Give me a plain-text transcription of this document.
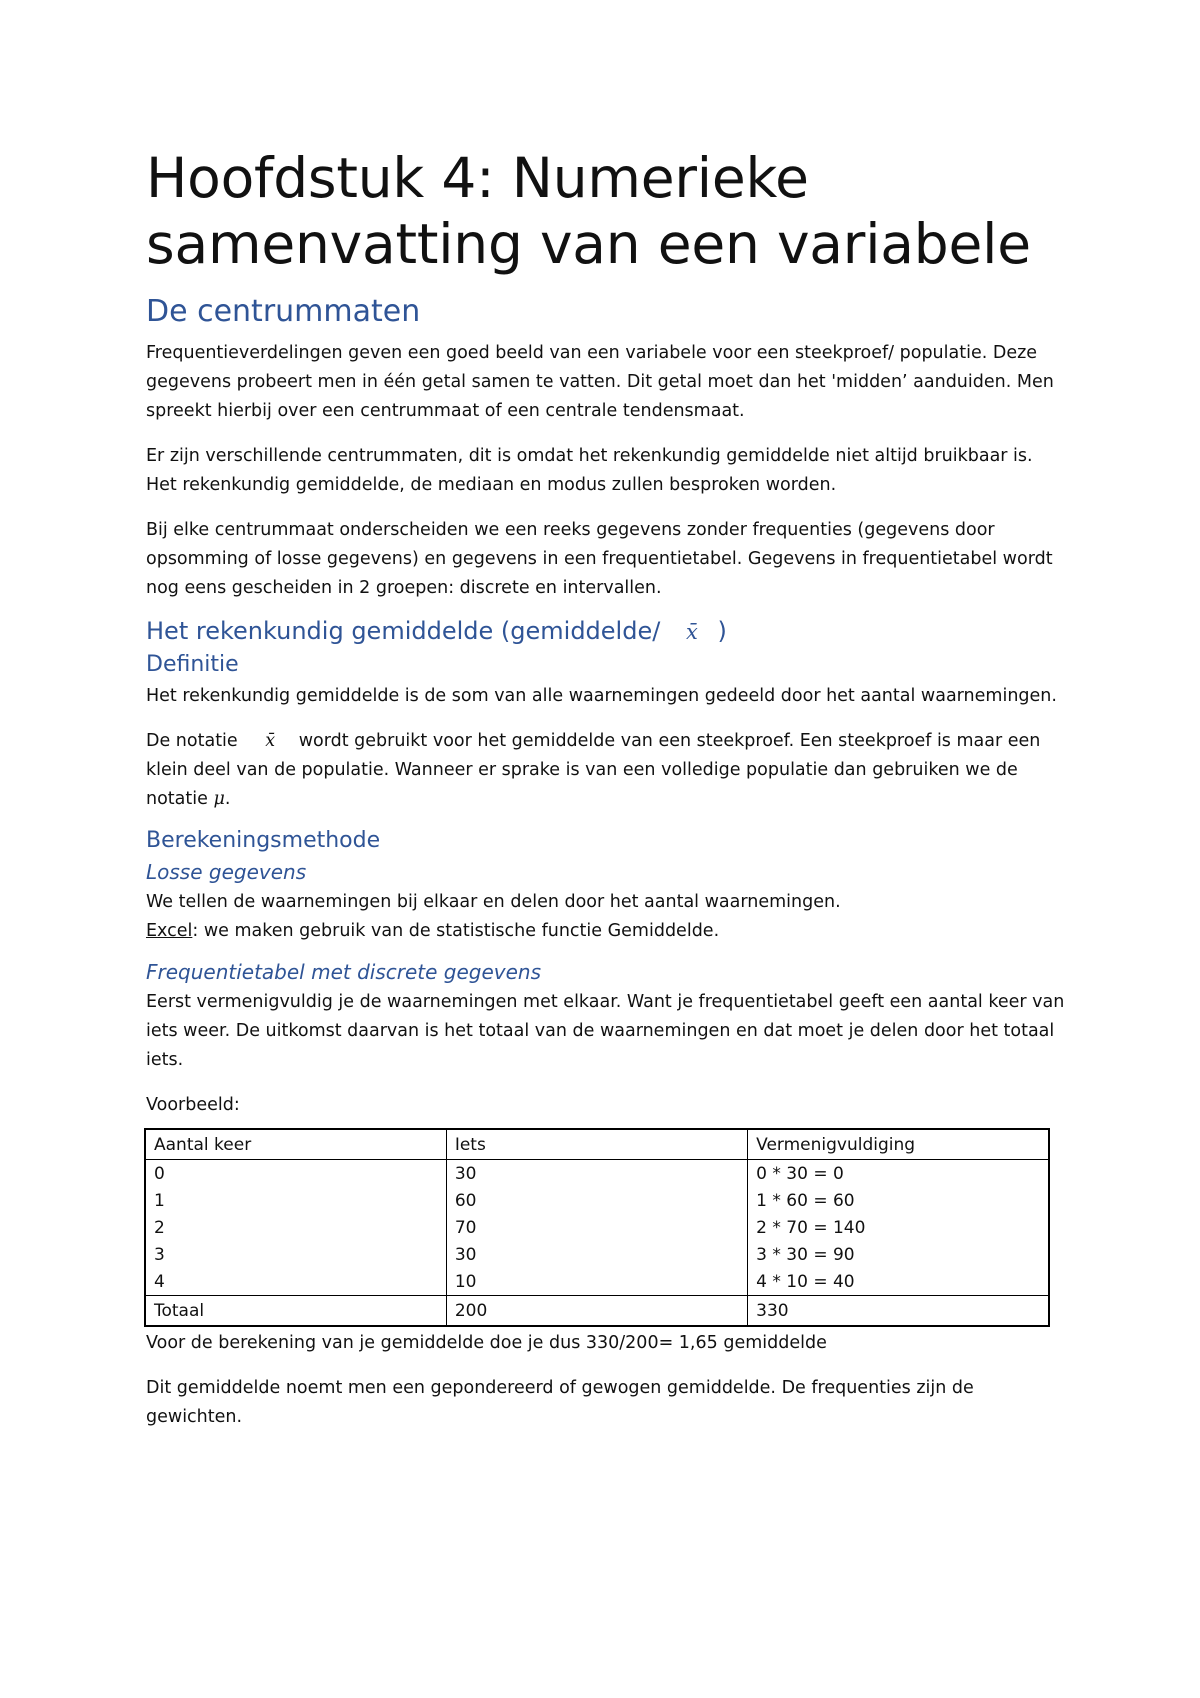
Hoofdstuk 4: Numerieke
samenvatting van een variabele
De centrummaten

Frequentieverdelingen geven een goed beeld van een variabele voor een steekproef/ populatie. Deze gegevens probeert men in één getal samen te vatten. Dit getal moet dan het 'midden’ aanduiden. Men spreekt hierbij over een centrummaat of een centrale tendensmaat.

Er zijn verschillende centrummaten, dit is omdat het rekenkundig gemiddelde niet altijd bruikbaar is. Het rekenkundig gemiddelde, de mediaan en modus zullen besproken worden.

Bij elke centrummaat onderscheiden we een reeks gegevens zonder frequenties (gegevens door opsomming of losse gegevens) en gegevens in een frequentietabel. Gegevens in frequentietabel wordt nog eens gescheiden in 2 groepen: discrete en intervallen.

Het rekenkundig gemiddelde (gemiddelde/ x̄ )
Definitie

Het rekenkundig gemiddelde is de som van alle waarnemingen gedeeld door het aantal waarnemingen.

De notatie x̄ wordt gebruikt voor het gemiddelde van een steekproef. Een steekproef is maar een klein deel van de populatie. Wanneer er sprake is van een volledige populatie dan gebruiken we de notatie μ.

Berekeningsmethode
Losse gegevens

We tellen de waarnemingen bij elkaar en delen door het aantal waarnemingen.
Excel: we maken gebruik van de statistische functie Gemiddelde.

Frequentietabel met discrete gegevens

Eerst vermenigvuldig je de waarnemingen met elkaar. Want je frequentietabel geeft een aantal keer van iets weer. De uitkomst daarvan is het totaal van de waarnemingen en dat moet je delen door het totaal iets.

Voorbeeld:

Aantal keer	Iets	Vermenigvuldiging
0	30	0 * 30 = 0
1	60	1 * 60 = 60
2	70	2 * 70 = 140
3	30	3 * 30 = 90
4	10	4 * 10 = 40
Totaal	200	330

Voor de berekening van je gemiddelde doe je dus 330/200= 1,65 gemiddelde

Dit gemiddelde noemt men een gepondereerd of gewogen gemiddelde. De frequenties zijn de gewichten.
